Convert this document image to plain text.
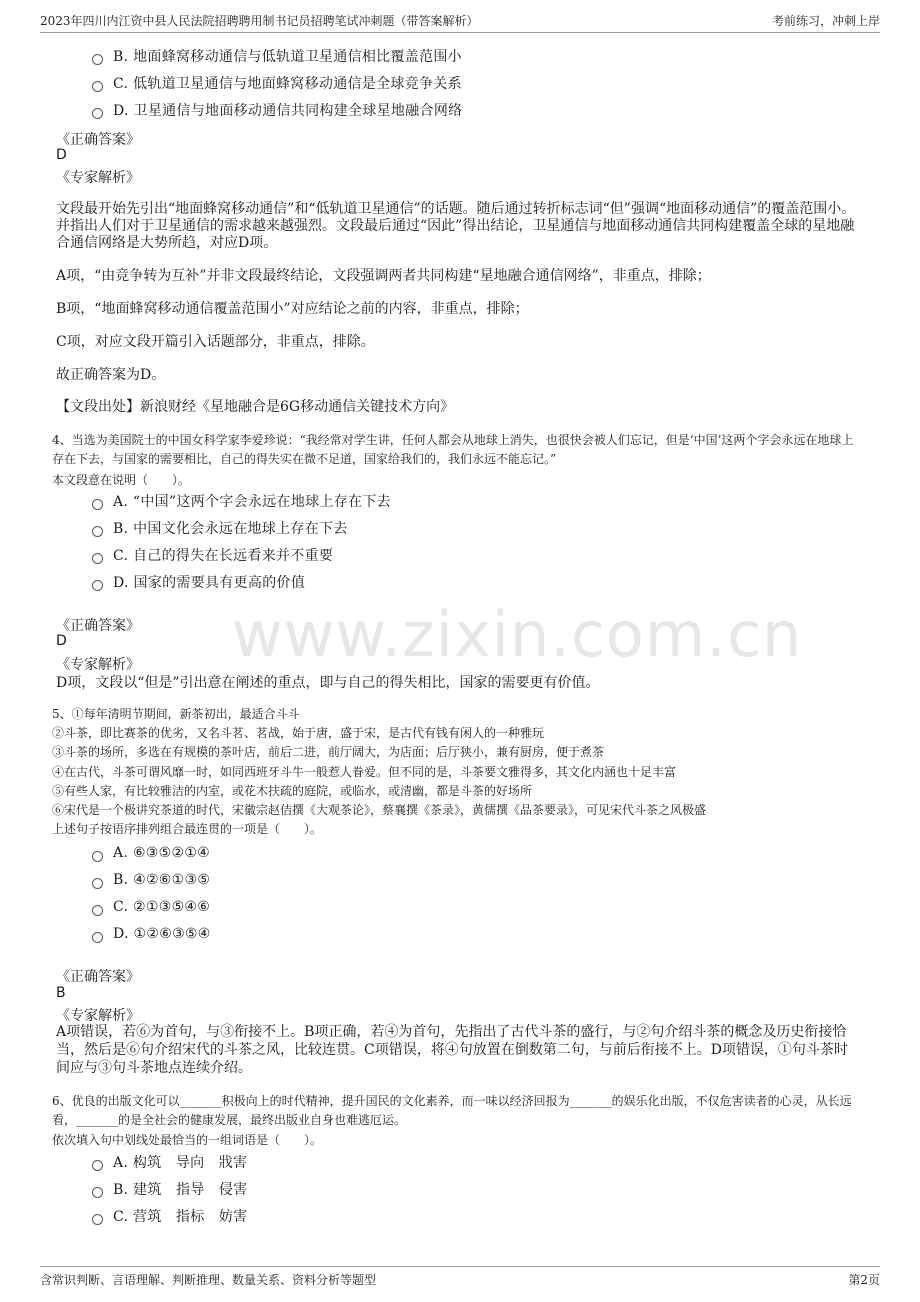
2023年四川内江资中县人民法院招聘聘用制书记员招聘笔试冲刺题（带答案解析）	考前练习，冲刺上岸
www.zixin.com.cn
B. 地面蜂窝移动通信与低轨道卫星通信相比覆盖范围小
C. 低轨道卫星通信与地面蜂窝移动通信是全球竞争关系
D. 卫星通信与地面移动通信共同构建全球星地融合网络
《正确答案》
D
《专家解析》
文段最开始先引出“地面蜂窝移动通信”和“低轨道卫星通信”的话题。随后通过转折标志词“但”强调“地面移动通信”的覆盖范围小。并指出人们对于卫星通信的需求越来越强烈。文段最后通过“因此”得出结论，卫星通信与地面移动通信共同构建覆盖全球的星地融合通信网络是大势所趋，对应D项。
A项，“由竞争转为互补”并非文段最终结论，文段强调两者共同构建“星地融合通信网络”，非重点，排除；
B项，“地面蜂窝移动通信覆盖范围小”对应结论之前的内容，非重点，排除；
C项，对应文段开篇引入话题部分，非重点，排除。
故正确答案为D。
【文段出处】新浪财经《星地融合是6G移动通信关键技术方向》
4、当选为美国院士的中国女科学家李爱珍说：“我经常对学生讲，任何人都会从地球上消失，也很快会被人们忘记，但是‘中国’这两个字会永远在地球上存在下去，与国家的需要相比，自己的得失实在微不足道，国家给我们的，我们永远不能忘记。”
本文段意在说明（　　）。
A. “中国”这两个字会永远在地球上存在下去
B. 中国文化会永远在地球上存在下去
C. 自己的得失在长远看来并不重要
D. 国家的需要具有更高的价值
《正确答案》
D
《专家解析》
D项，文段以“但是”引出意在阐述的重点，即与自己的得失相比，国家的需要更有价值。
5、①每年清明节期间，新茶初出，最适合斗斗
②斗茶，即比赛茶的优劣，又名斗茗、茗战，始于唐，盛于宋，是古代有钱有闲人的一种雅玩
③斗茶的场所，多选在有规模的茶叶店，前后二进，前厅阔大，为店面；后厅狭小，兼有厨房，便于煮茶
④在古代，斗茶可谓风靡一时，如同西班牙斗牛一般惹人眷爱。但不同的是，斗茶要文雅得多，其文化内涵也十足丰富
⑤有些人家，有比较雅洁的内室，或花木扶疏的庭院，或临水，或清幽，都是斗茶的好场所
⑥宋代是一个极讲究茶道的时代，宋徽宗赵佶撰《大观茶论》，蔡襄撰《茶录》，黄儒撰《品茶要录》，可见宋代斗茶之风极盛
上述句子按语序排列组合最连贯的一项是（　　）。
A. ⑥③⑤②①④
B. ④②⑥①③⑤
C. ②①③⑤④⑥
D. ①②⑥③⑤④
《正确答案》
B
《专家解析》
A项错误，若⑥为首句，与③衔接不上。B项正确，若④为首句，先指出了古代斗茶的盛行，与②句介绍斗茶的概念及历史衔接恰当，然后是⑥句介绍宋代的斗茶之风，比较连贯。C项错误，将④句放置在倒数第二句，与前后衔接不上。D项错误，①句斗茶时间应与③句斗茶地点连续介绍。
6、优良的出版文化可以_______积极向上的时代精神，提升国民的文化素养，而一味以经济回报为_______的娱乐化出版，不仅危害读者的心灵，从长远看，_______的是全社会的健康发展，最终出版业自身也难逃厄运。
依次填入句中划线处最恰当的一组词语是（　　）。
A. 构筑　导向　戕害
B. 建筑　指导　侵害
C. 营筑　指标　妨害
含常识判断、言语理解、判断推理、数量关系、资料分析等题型	第2页
